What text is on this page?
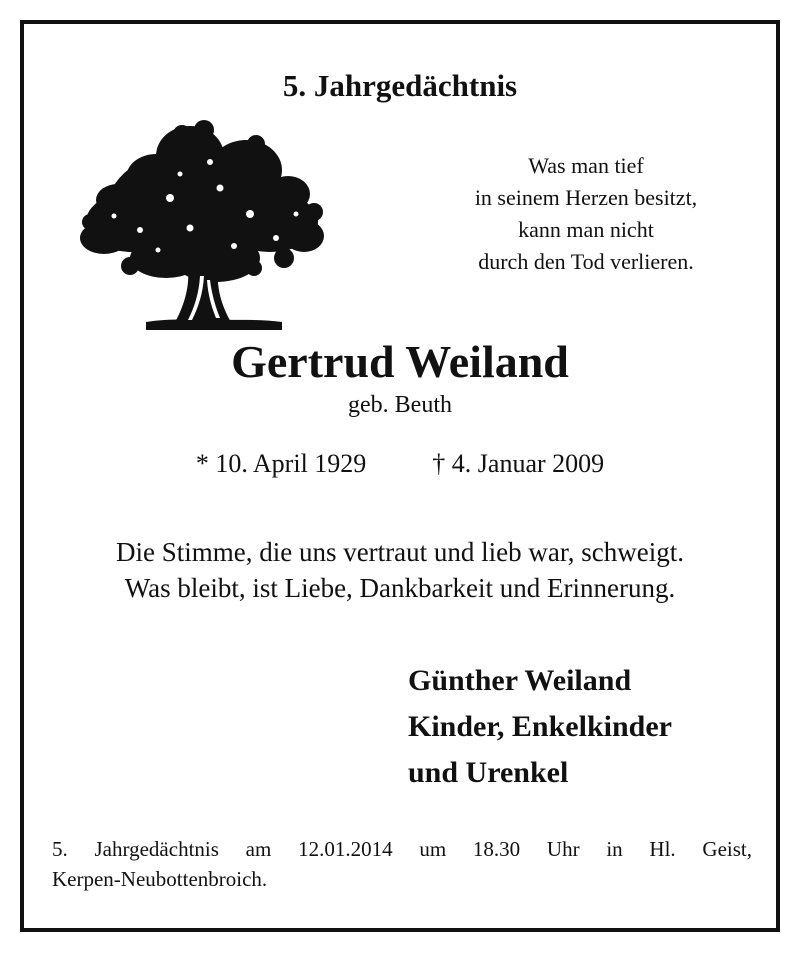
5. Jahrgedächtnis
Was man tief
in seinem Herzen besitzt,
kann man nicht
durch den Tod verlieren.
Gertrud Weiland
geb. Beuth
* 10. April 1929	† 4. Januar 2009
Die Stimme, die uns vertraut und lieb war, schweigt.
Was bleibt, ist Liebe, Dankbarkeit und Erinnerung.
Günther Weiland
Kinder, Enkelkinder
und Urenkel
5. Jahrgedächtnis am 12.01.2014 um 18.30 Uhr in Hl. Geist,
Kerpen-Neubottenbroich.
